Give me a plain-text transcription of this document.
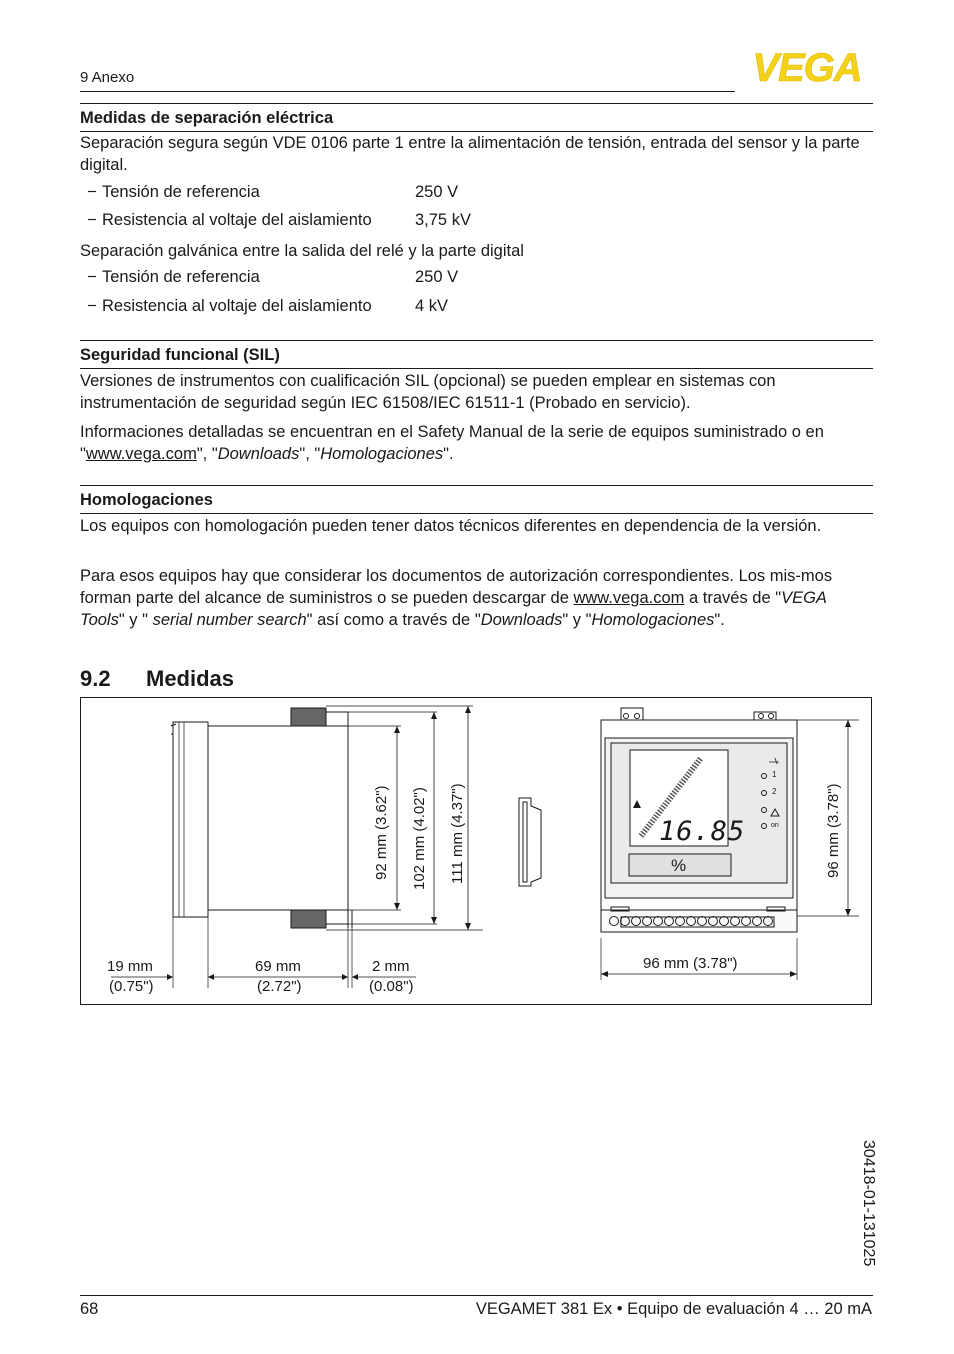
9 Anexo	VEGA
Medidas de separación eléctrica
Separación segura según VDE 0106 parte 1 entre la alimentación de tensión, entrada del sensor y la parte digital.
− Tensión de referencia	250 V
− Resistencia al voltaje del aislamiento	3,75 kV
Separación galvánica entre la salida del relé y la parte digital
− Tensión de referencia	250 V
− Resistencia al voltaje del aislamiento	4 kV
Seguridad funcional (SIL)
Versiones de instrumentos con cualificación SIL (opcional) se pueden emplear en sistemas con instrumentación de seguridad según IEC 61508/IEC 61511-1 (Probado en servicio).
Informaciones detalladas se encuentran en el Safety Manual de la serie de equipos suministrado o en "www.vega.com", "Downloads", "Homologaciones".
Homologaciones
Los equipos con homologación pueden tener datos técnicos diferentes en dependencia de la versión.
Para esos equipos hay que considerar los documentos de autorización correspondientes. Los mis-mos forman parte del alcance de suministros o se pueden descargar de www.vega.com a través de "VEGA Tools" y " serial number search" así como a través de "Downloads" y "Homologaciones".
9.2 Medidas
16.85
%
1
2
on
19 mm
(0.75")
69 mm
(2.72")
2 mm
(0.08")
96 mm (3.78")
92 mm (3.62") 102 mm (4.02") 111 mm (4.37")	96 mm (3.78")
30418-01-131025
68	VEGAMET 381 Ex • Equipo de evaluación 4 … 20 mA
